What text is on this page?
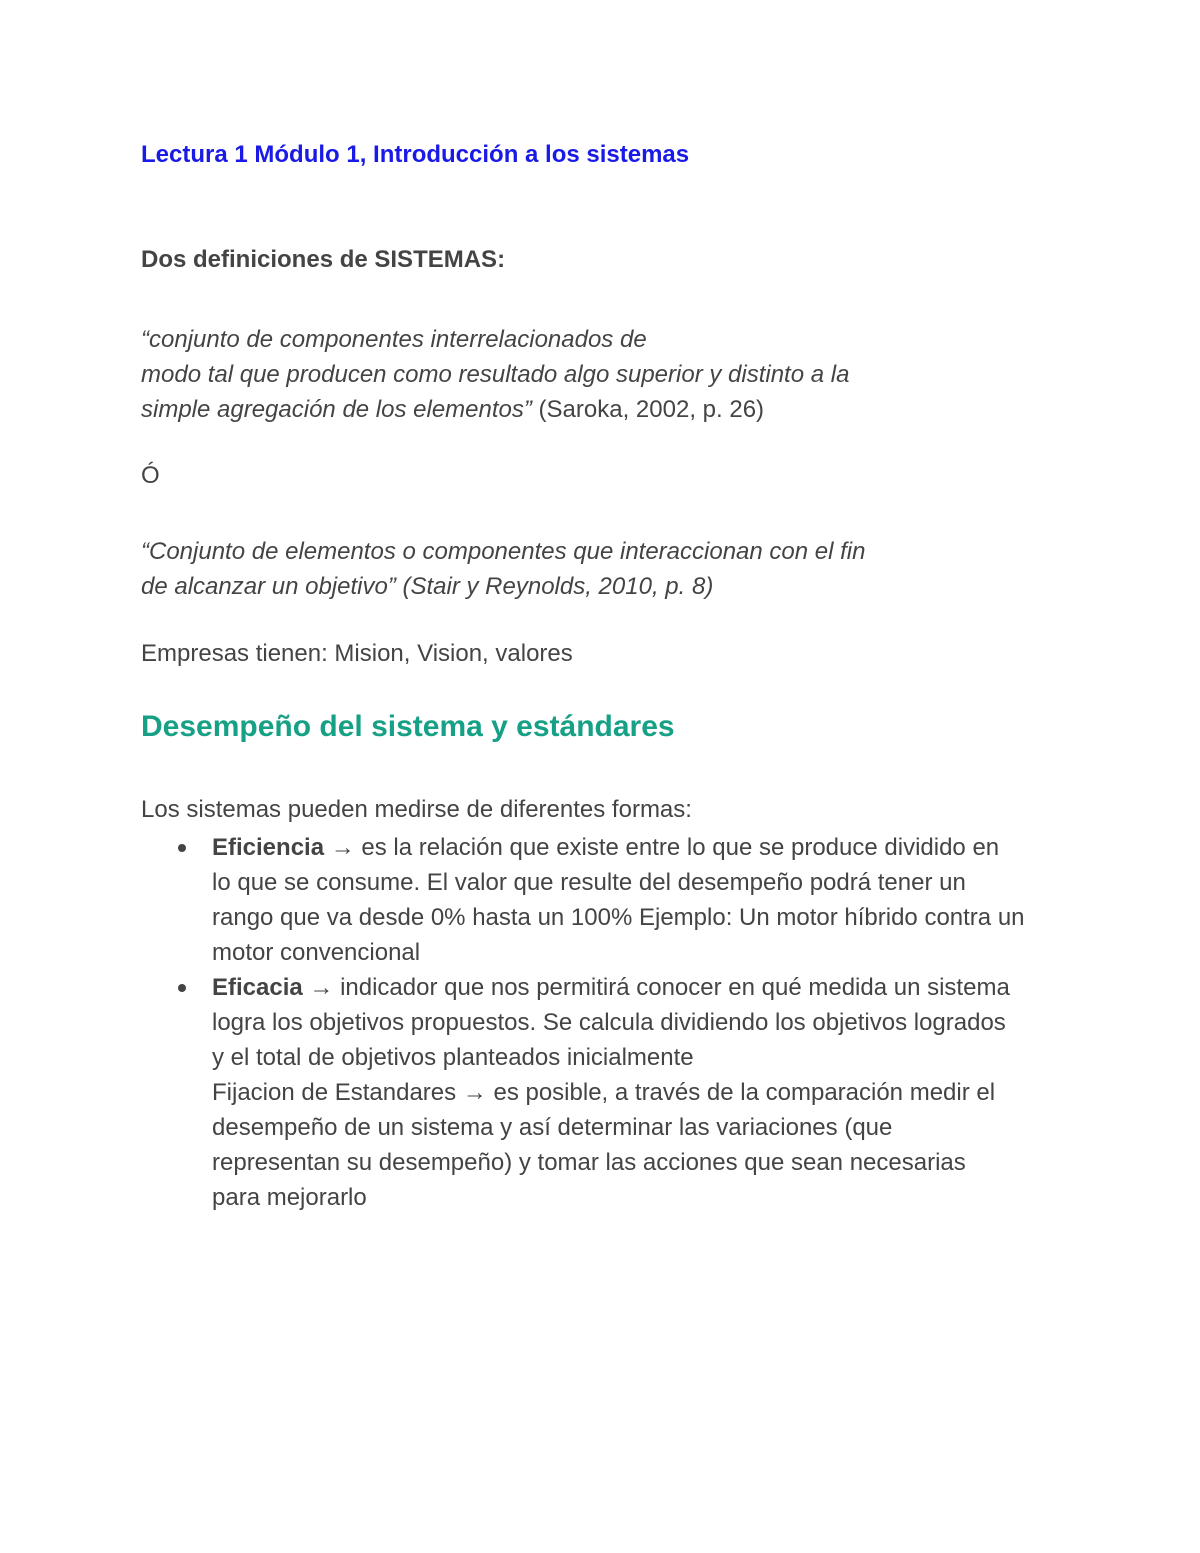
Lectura 1 Módulo 1, Introducción a los sistemas
Dos definiciones de SISTEMAS:
“conjunto de componentes interrelacionados de
modo tal que producen como resultado algo superior y distinto a la
simple agregación de los elementos” (Saroka, 2002, p. 26)
Ó
“Conjunto de elementos o componentes que interaccionan con el fin
de alcanzar un objetivo” (Stair y Reynolds, 2010, p. 8)
Empresas tienen: Mision, Vision, valores
Desempeño del sistema y estándares
Los sistemas pueden medirse de diferentes formas:
Eficiencia → es la relación que existe entre lo que se produce dividido en
lo que se consume. El valor que resulte del desempeño podrá tener un
rango que va desde 0% hasta un 100% Ejemplo: Un motor híbrido contra un
motor convencional
Eficacia → indicador que nos permitirá conocer en qué medida un sistema
logra los objetivos propuestos. Se calcula dividiendo los objetivos logrados
y el total de objetivos planteados inicialmente
Fijacion de Estandares → es posible, a través de la comparación medir el
desempeño de un sistema y así determinar las variaciones (que
representan su desempeño) y tomar las acciones que sean necesarias
para mejorarlo
